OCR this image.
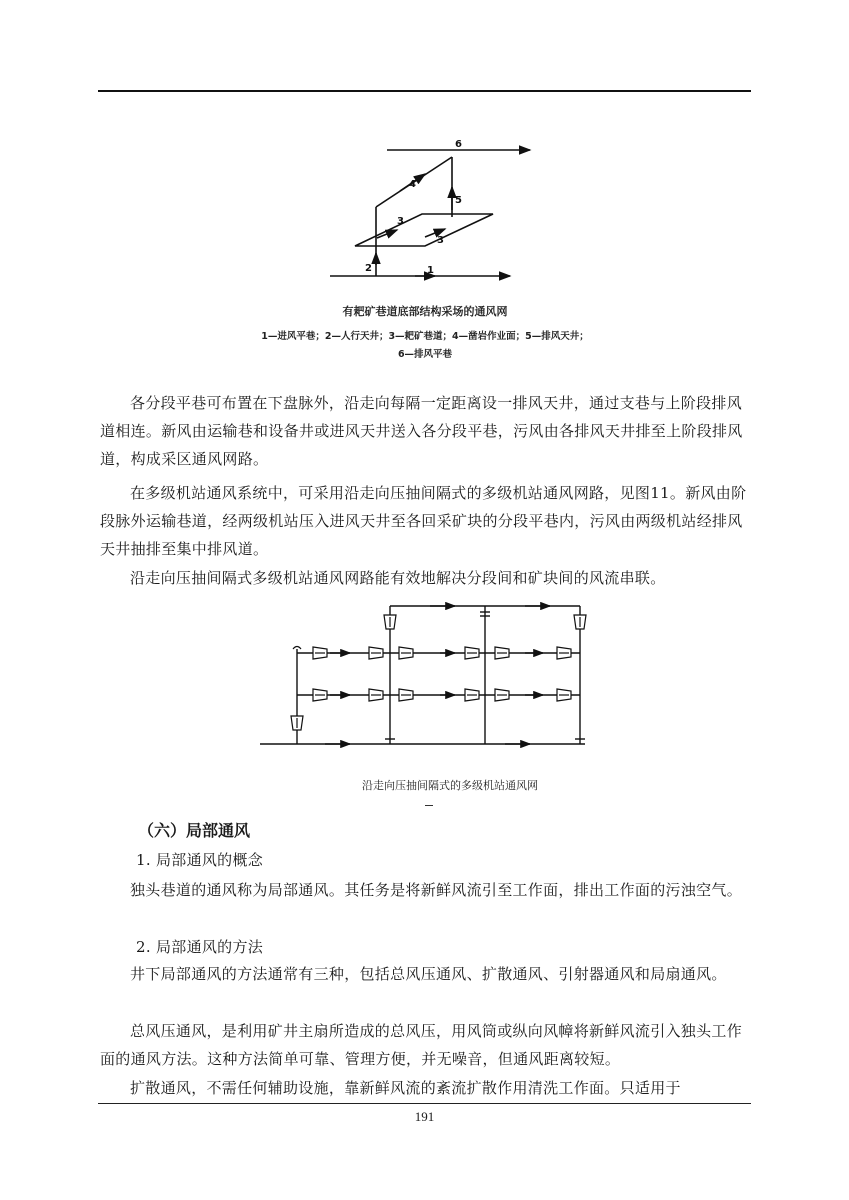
6
4
5
3
3
2	1
有耙矿巷道底部结构采场的通风网
1—进风平巷；2—人行天井；3—耙矿巷道；4—凿岩作业面；5—排风天井；
6—排风平巷
各分段平巷可布置在下盘脉外，沿走向每隔一定距离设一排风天井，通过支巷与上阶段排风道相连。新风由运输巷和设备井或进风天井送入各分段平巷，污风由各排风天井排至上阶段排风道，构成采区通风网路。
在多级机站通风系统中，可采用沿走向压抽间隔式的多级机站通风网路，见图11。新风由阶段脉外运输巷道，经两级机站压入进风天井至各回采矿块的分段平巷内，污风由两级机站经排风天井抽排至集中排风道。
沿走向压抽间隔式多级机站通风网路能有效地解决分段间和矿块间的风流串联。
沿走向压抽间隔式的多级机站通风网
（六）局部通风
1. 局部通风的概念
独头巷道的通风称为局部通风。其任务是将新鲜风流引至工作面，排出工作面的污浊空气。
2. 局部通风的方法
井下局部通风的方法通常有三种，包括总风压通风、扩散通风、引射器通风和局扇通风。
总风压通风，是利用矿井主扇所造成的总风压，用风筒或纵向风幛将新鲜风流引入独头工作面的通风方法。这种方法简单可靠、管理方便，并无噪音，但通风距离较短。
扩散通风，不需任何辅助设施，靠新鲜风流的紊流扩散作用清洗工作面。只适用于
191
